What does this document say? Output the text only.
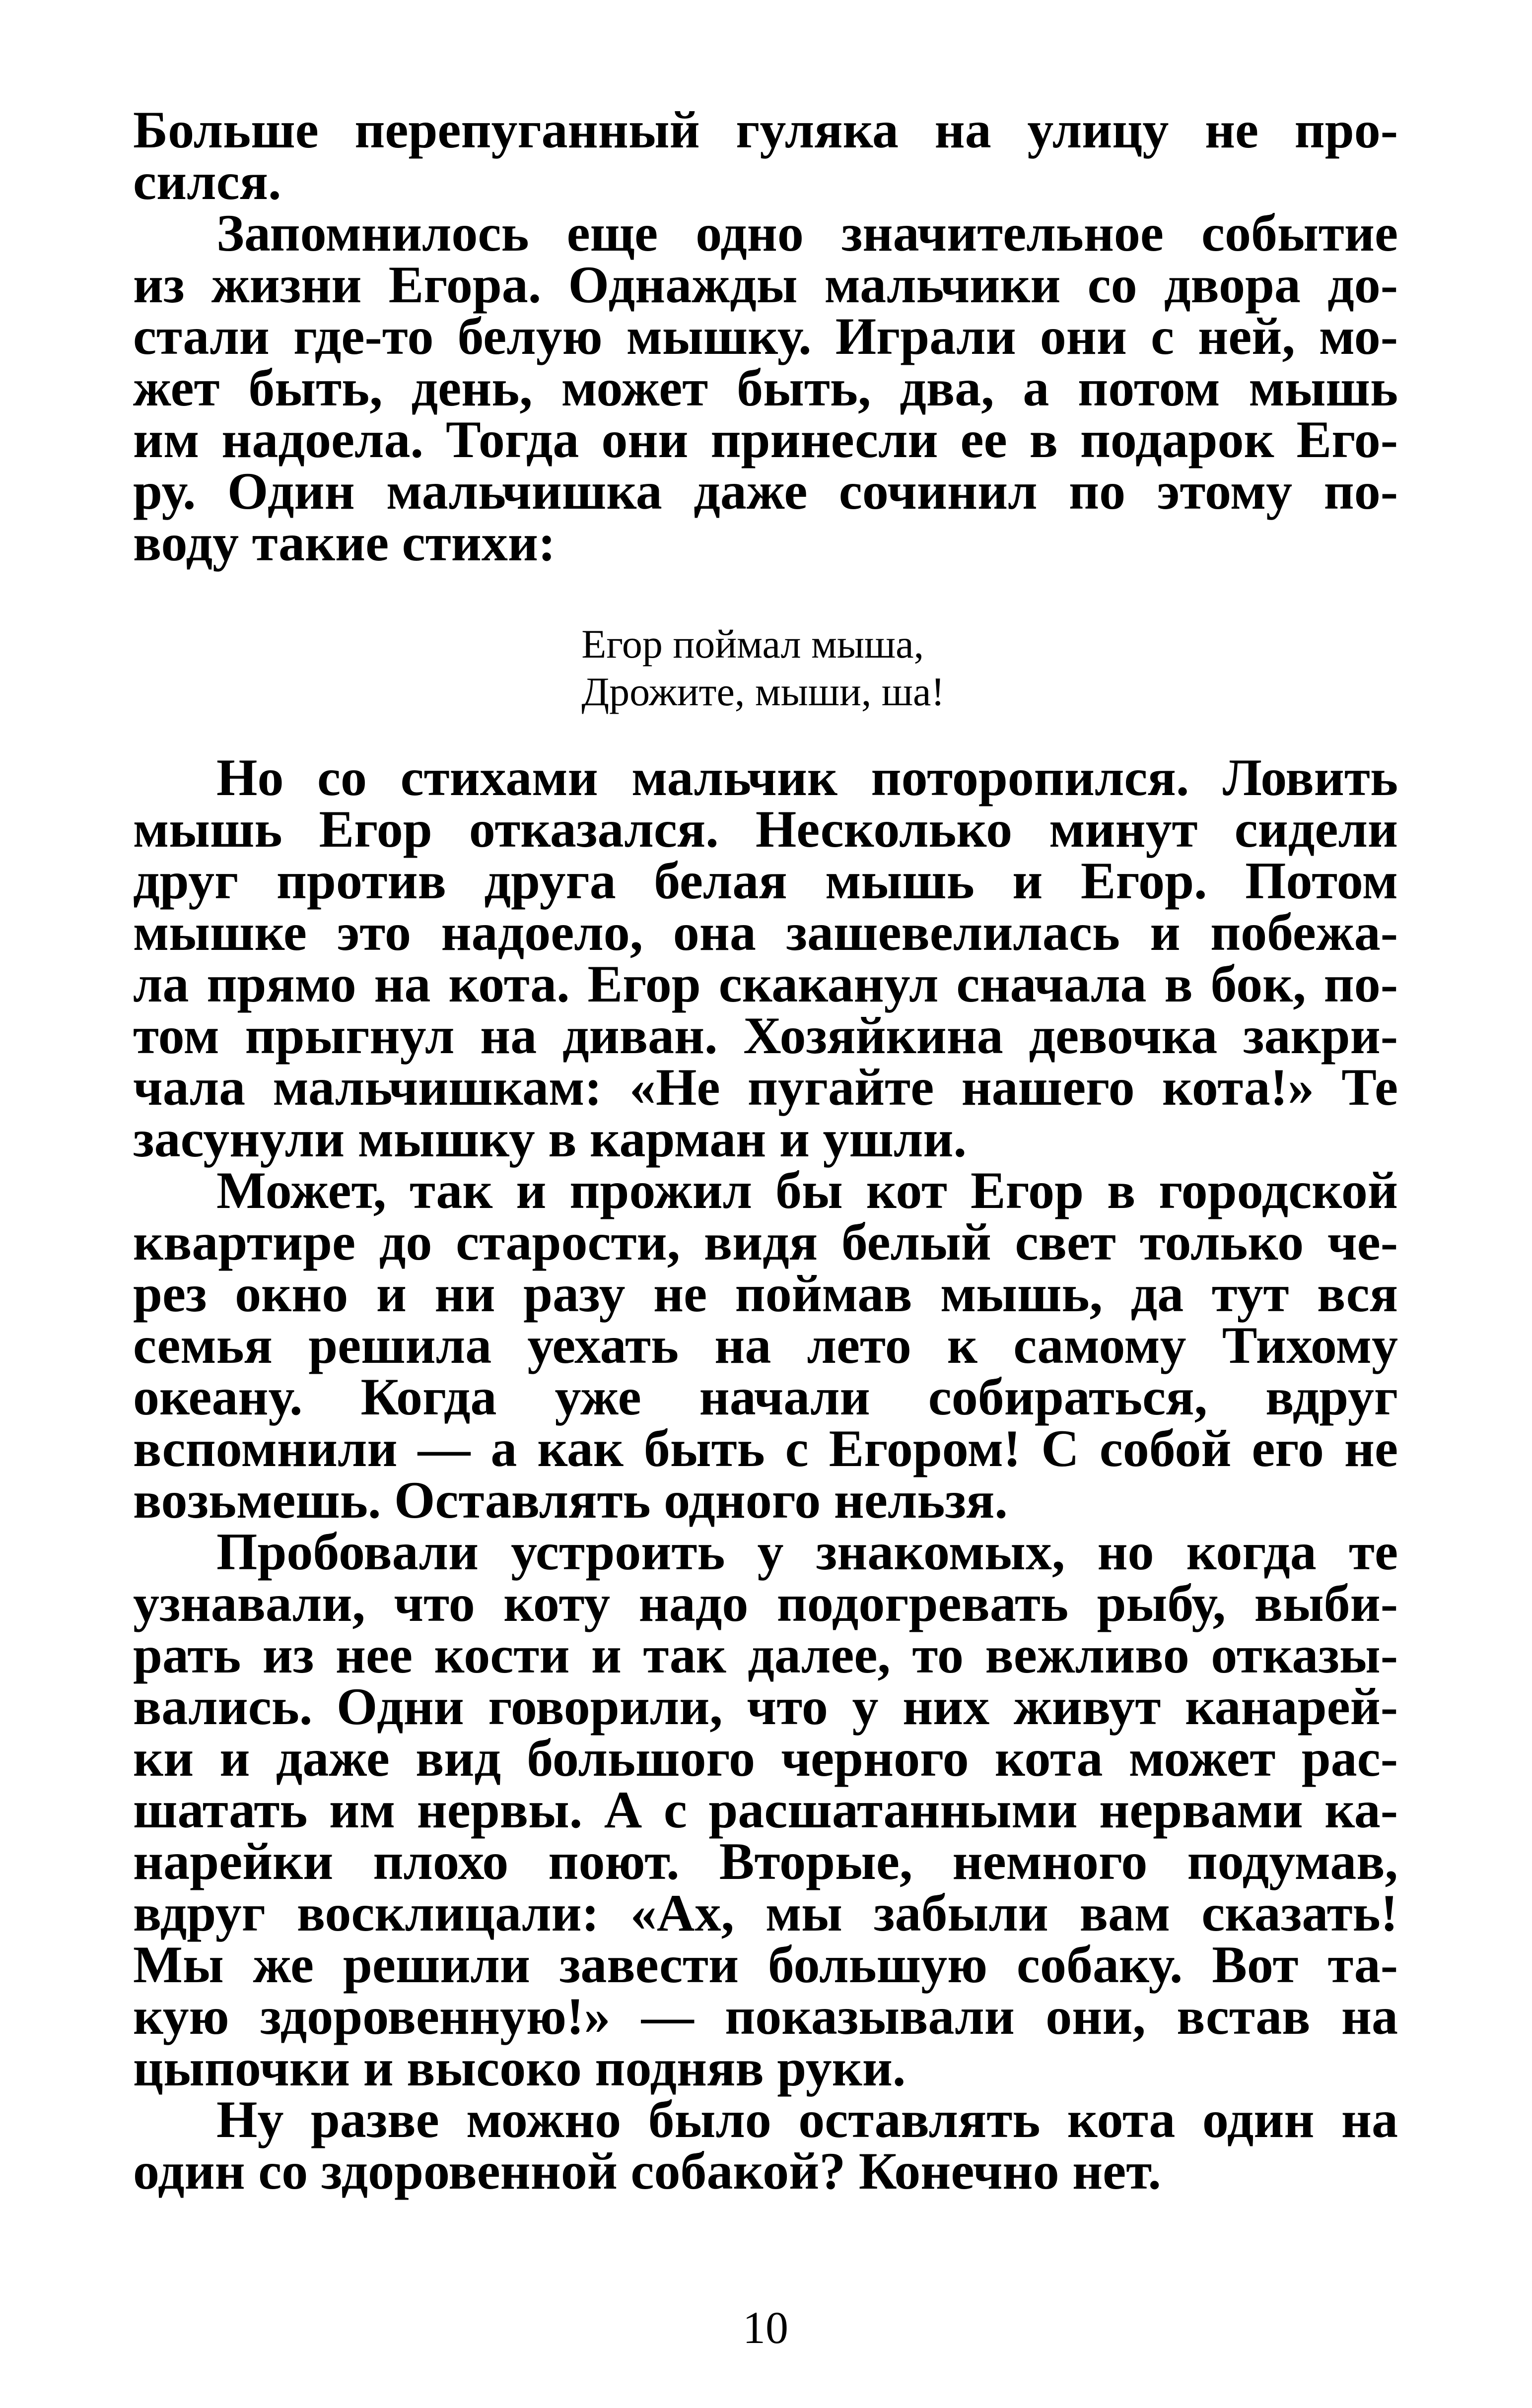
Больше перепуганный гуляка на улицу не про-
сился.
Запомнилось еще одно значительное событие
из жизни Егора. Однажды мальчики со двора до-
стали где-то белую мышку. Играли они с ней, мо-
жет быть, день, может быть, два, а потом мышь
им надоела. Тогда они принесли ее в подарок Его-
ру. Один мальчишка даже сочинил по этому по-
воду такие стихи:
Егор поймал мыша,
Дрожите, мыши, ша!
Но со стихами мальчик поторопился. Ловить
мышь Егор отказался. Несколько минут сидели
друг против друга белая мышь и Егор. Потом
мышке это надоело, она зашевелилась и побежа-
ла прямо на кота. Егор скаканул сначала в бок, по-
том прыгнул на диван. Хозяйкина девочка закри-
чала мальчишкам: «Не пугайте нашего кота!» Те
засунули мышку в карман и ушли.
Может, так и прожил бы кот Егор в городской
квартире до старости, видя белый свет только че-
рез окно и ни разу не поймав мышь, да тут вся
семья решила уехать на лето к самому Тихому
океану. Когда уже начали собираться, вдруг
вспомнили — а как быть с Егором! С собой его не
возьмешь. Оставлять одного нельзя.
Пробовали устроить у знакомых, но когда те
узнавали, что коту надо подогревать рыбу, выби-
рать из нее кости и так далее, то вежливо отказы-
вались. Одни говорили, что у них живут канарей-
ки и даже вид большого черного кота может рас-
шатать им нервы. А с расшатанными нервами ка-
нарейки плохо поют. Вторые, немного подумав,
вдруг восклицали: «Ах, мы забыли вам сказать!
Мы же решили завести большую собаку. Вот та-
кую здоровенную!» — показывали они, встав на
цыпочки и высоко подняв руки.
Ну разве можно было оставлять кота один на
один со здоровенной собакой? Конечно нет.
10
